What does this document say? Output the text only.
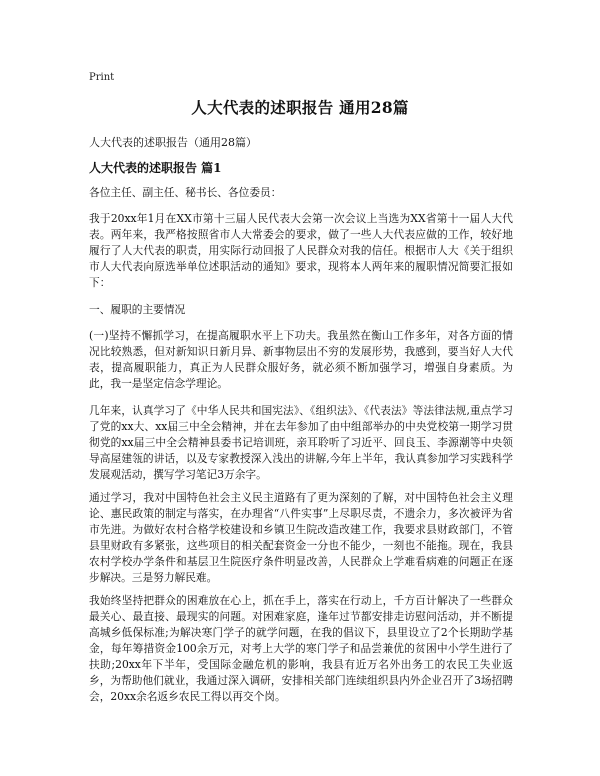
Print
人大代表的述职报告 通用28篇
人大代表的述职报告（通用28篇）
人大代表的述职报告 篇1

各位主任、副主任、秘书长、各位委员：

我于20xx年1月在XX市第十三届人民代表大会第一次会议上当选为XX省第十一届人大代表。两年来，我严格按照省市人大常委会的要求，做了一些人大代表应做的工作，较好地履行了人大代表的职责，用实际行动回报了人民群众对我的信任。根据市人大《关于组织市人大代表向原选举单位述职活动的通知》要求，现将本人两年来的履职情况简要汇报如下：

一、履职的主要情况

(一)坚持不懈抓学习，在提高履职水平上下功夫。我虽然在衡山工作多年，对各方面的情况比较熟悉，但对新知识日新月异、新事物层出不穷的发展形势，我感到，要当好人大代表，提高履职能力，真正为人民群众服好务，就必须不断加强学习，增强自身素质。为此，我一是坚定信念学理论。

几年来，认真学习了《中华人民共和国宪法》、《组织法》、《代表法》等法律法规,重点学习了党的xx大、xx届三中全会精神，并在去年参加了由中组部举办的中央党校第一期学习贯彻党的xx届三中全会精神县委书记培训班，亲耳聆听了习近平、回良玉、李源潮等中央领导高屋建瓴的讲话，以及专家教授深入浅出的讲解,今年上半年，我认真参加学习实践科学发展观活动，撰写学习笔记3万余字。

通过学习，我对中国特色社会主义民主道路有了更为深刻的了解，对中国特色社会主义理论、惠民政策的制定与落实，在办理省“八件实事”上尽职尽责，不遗余力，多次被评为省市先进。为做好农村合格学校建设和乡镇卫生院改造改建工作，我要求县财政部门，不管县里财政有多紧张，这些项目的相关配套资金一分也不能少，一刻也不能拖。现在，我县农村学校办学条件和基层卫生院医疗条件明显改善，人民群众上学难看病难的问题正在逐步解决。三是努力解民难。

我始终坚持把群众的困难放在心上，抓在手上，落实在行动上，千方百计解决了一些群众最关心、最直接、最现实的问题。对困难家庭，逢年过节都安排走访慰问活动，并不断提高城乡低保标准;为解决寒门学子的就学问题，在我的倡议下，县里设立了2个长期助学基金，每年筹措资金100余万元，对考上大学的寒门学子和品尝兼优的贫困中小学生进行了扶助;20xx年下半年，受国际金融危机的影响，我县有近万名外出务工的农民工失业返乡，为帮助他们就业，我通过深入调研，安排相关部门连续组织县内外企业召开了3场招聘会，20xx余名返乡农民工得以再交个岗。
